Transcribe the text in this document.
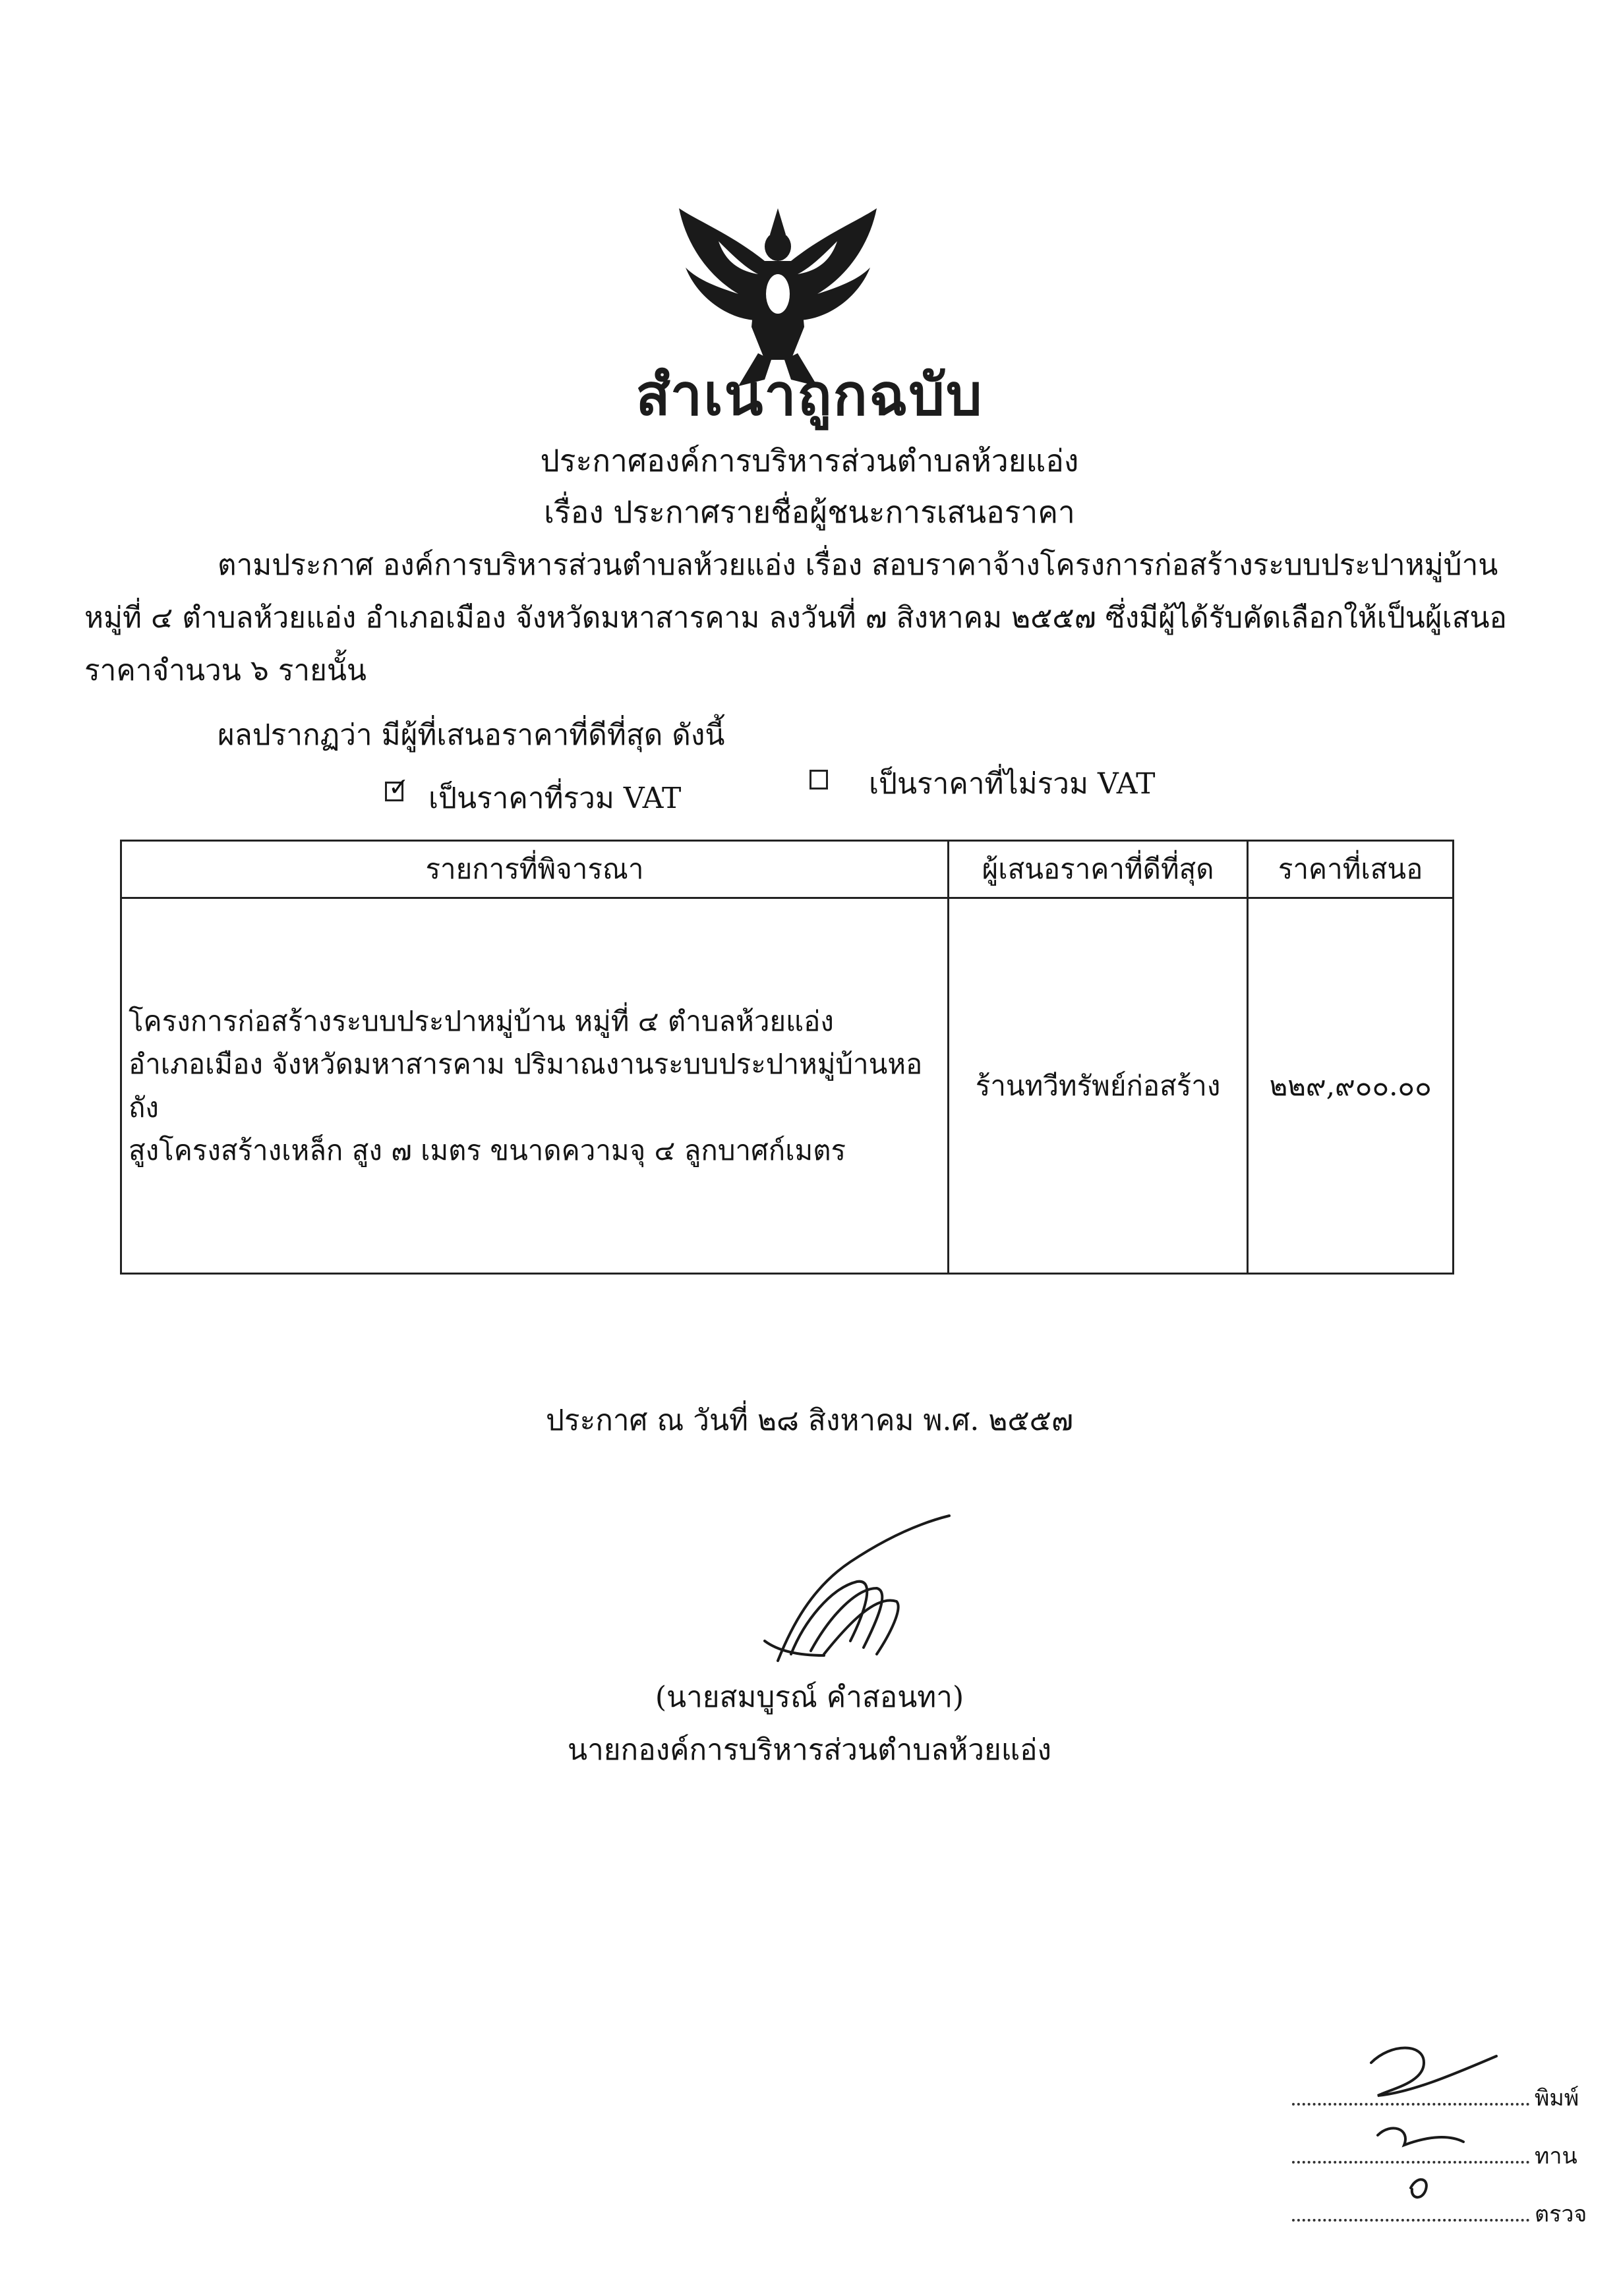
สำเนาถูกฉบับ
ประกาศองค์การบริหารส่วนตำบลห้วยแอ่ง
เรื่อง ประกาศรายชื่อผู้ชนะการเสนอราคา
ตามประกาศ องค์การบริหารส่วนตำบลห้วยแอ่ง เรื่อง สอบราคาจ้างโครงการก่อสร้างระบบประปาหมู่บ้าน
หมู่ที่ ๔ ตำบลห้วยแอ่ง อำเภอเมือง จังหวัดมหาสารคาม ลงวันที่ ๗ สิงหาคม ๒๕๕๗ ซึ่งมีผู้ได้รับคัดเลือกให้เป็นผู้เสนอ
ราคาจำนวน ๖ รายนั้น
ผลปรากฏว่า มีผู้ที่เสนอราคาที่ดีที่สุด ดังนี้
✓ เป็นราคาที่รวม VAT	เป็นราคาที่ไม่รวม VAT
รายการที่พิจารณา	ผู้เสนอราคาที่ดีที่สุด	ราคาที่เสนอ

โครงการก่อสร้างระบบประปาหมู่บ้าน หมู่ที่ ๔ ตำบลห้วยแอ่ง
อำเภอเมือง จังหวัดมหาสารคาม ปริมาณงานระบบประปาหมู่บ้านหอถัง
สูงโครงสร้างเหล็ก สูง ๗ เมตร ขนาดความจุ ๔ ลูกบาศก์เมตร	ร้านทวีทรัพย์ก่อสร้าง	๒๒๙,๙๐๐.๐๐
ประกาศ ณ วันที่ ๒๘ สิงหาคม พ.ศ. ๒๕๕๗
(นายสมบูรณ์ คำสอนทา)
นายกองค์การบริหารส่วนตำบลห้วยแอ่ง
พิมพ์
ทาน
ตรวจ
